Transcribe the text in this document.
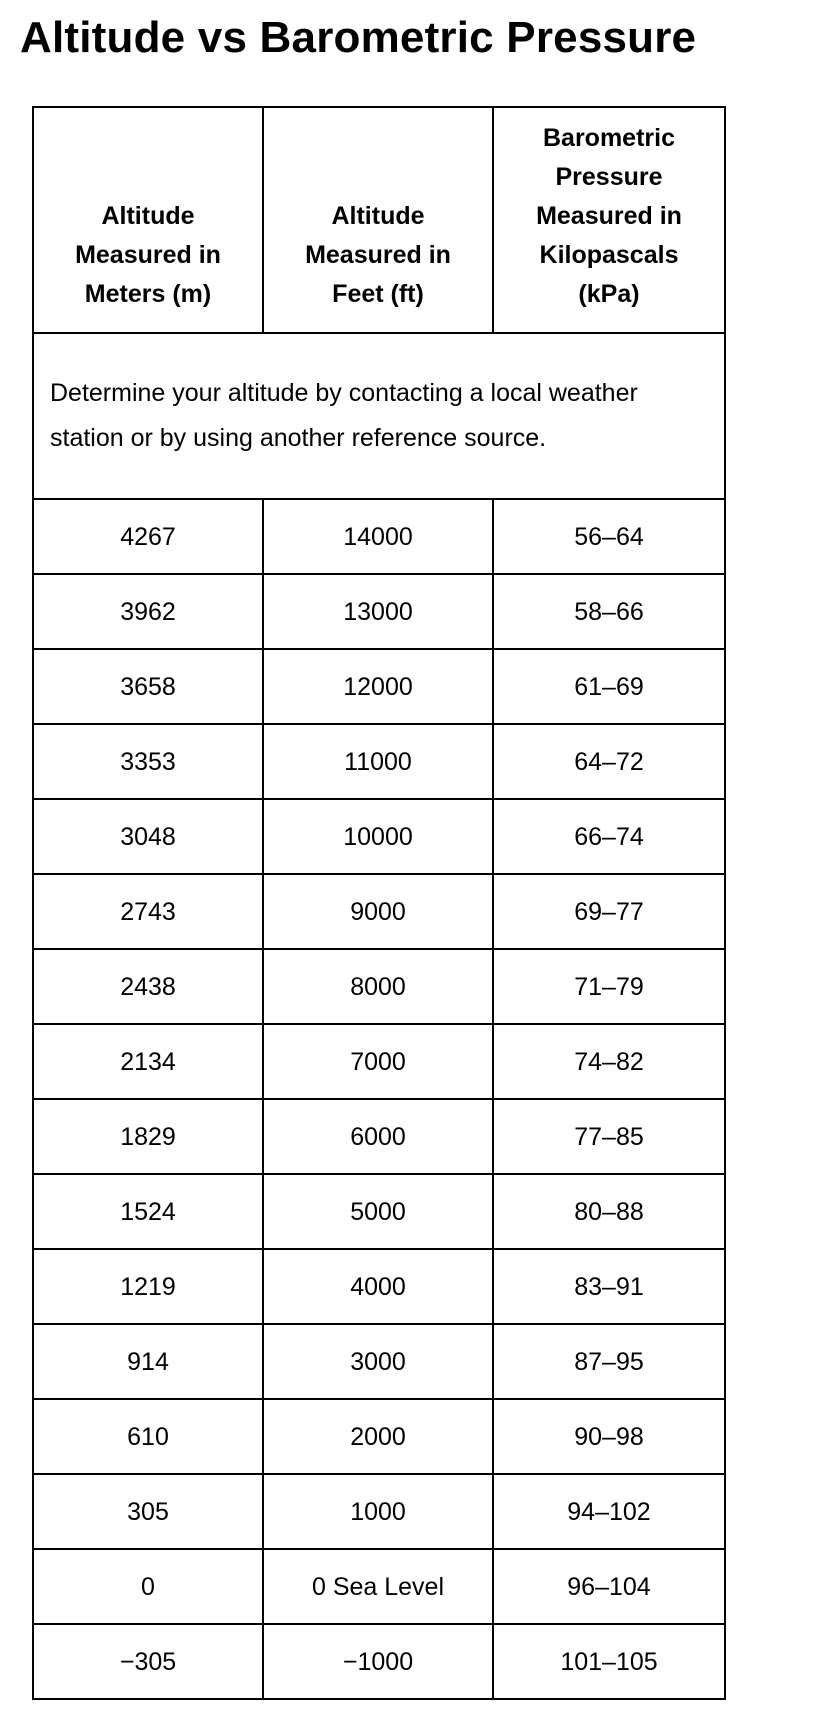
Altitude vs Barometric Pressure
Altitude
Measured in
Meters (m)	Altitude
Measured in
Feet (ft)	Barometric
Pressure
Measured in
Kilopascals
(kPa)

Determine your altitude by contacting a local weather station or by using another reference source.		
4267	14000	56–64
3962	13000	58–66
3658	12000	61–69
3353	11000	64–72
3048	10000	66–74
2743	9000	69–77
2438	8000	71–79
2134	7000	74–82
1829	6000	77–85
1524	5000	80–88
1219	4000	83–91
914	3000	87–95
610	2000	90–98
305	1000	94–102
0	0 Sea Level	96–104
−305	−1000	101–105
